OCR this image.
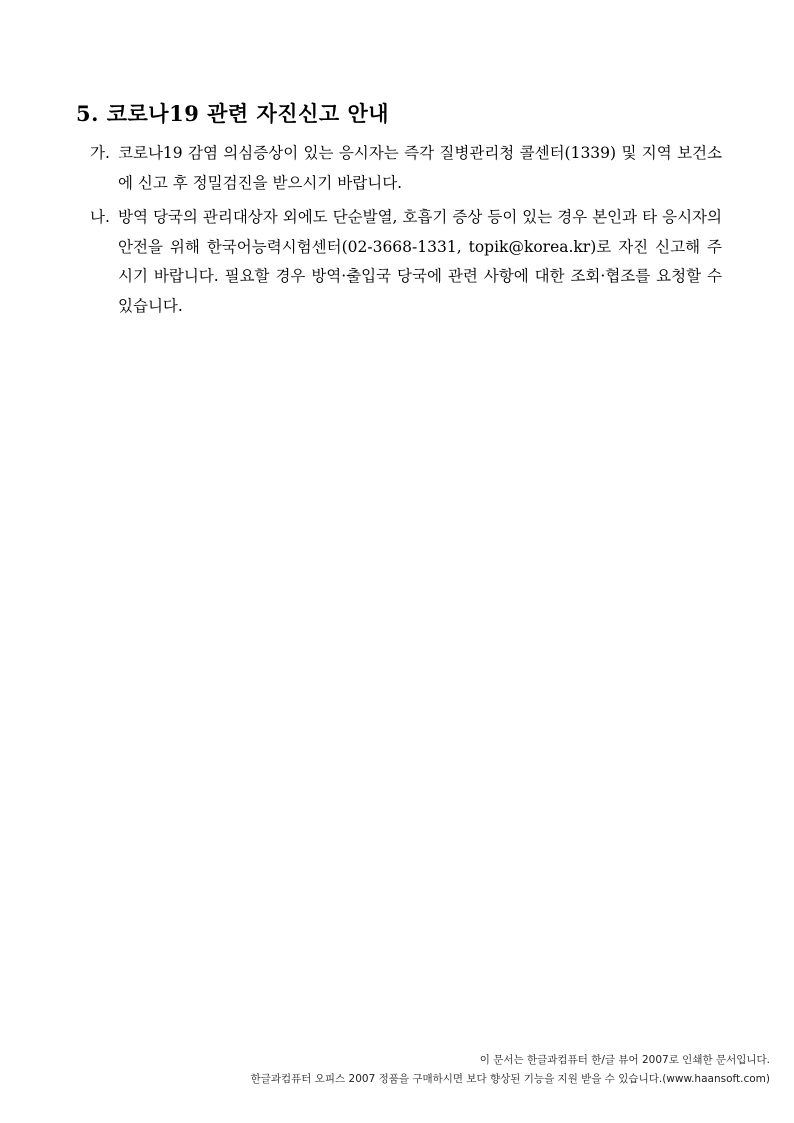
5. 코로나19 관련 자진신고 안내
가. 코로나19 감염 의심증상이 있는 응시자는 즉각 질병관리청 콜센터(1339) 및 지역 보건소에 신고 후 정밀검진을 받으시기 바랍니다.
나. 방역 당국의 관리대상자 외에도 단순발열, 호흡기 증상 등이 있는 경우 본인과 타 응시자의 안전을 위해 한국어능력시험센터(02-3668-1331, topik@korea.kr)로 자진 신고해 주시기 바랍니다. 필요할 경우 방역·출입국 당국에 관련 사항에 대한 조회·협조를 요청할 수 있습니다.
이 문서는 한글과컴퓨터 한/글 뷰어 2007로 인쇄한 문서입니다.
한글과컴퓨터 오피스 2007 정품을 구매하시면 보다 향상된 기능을 지원 받을 수 있습니다.(www.haansoft.com)
